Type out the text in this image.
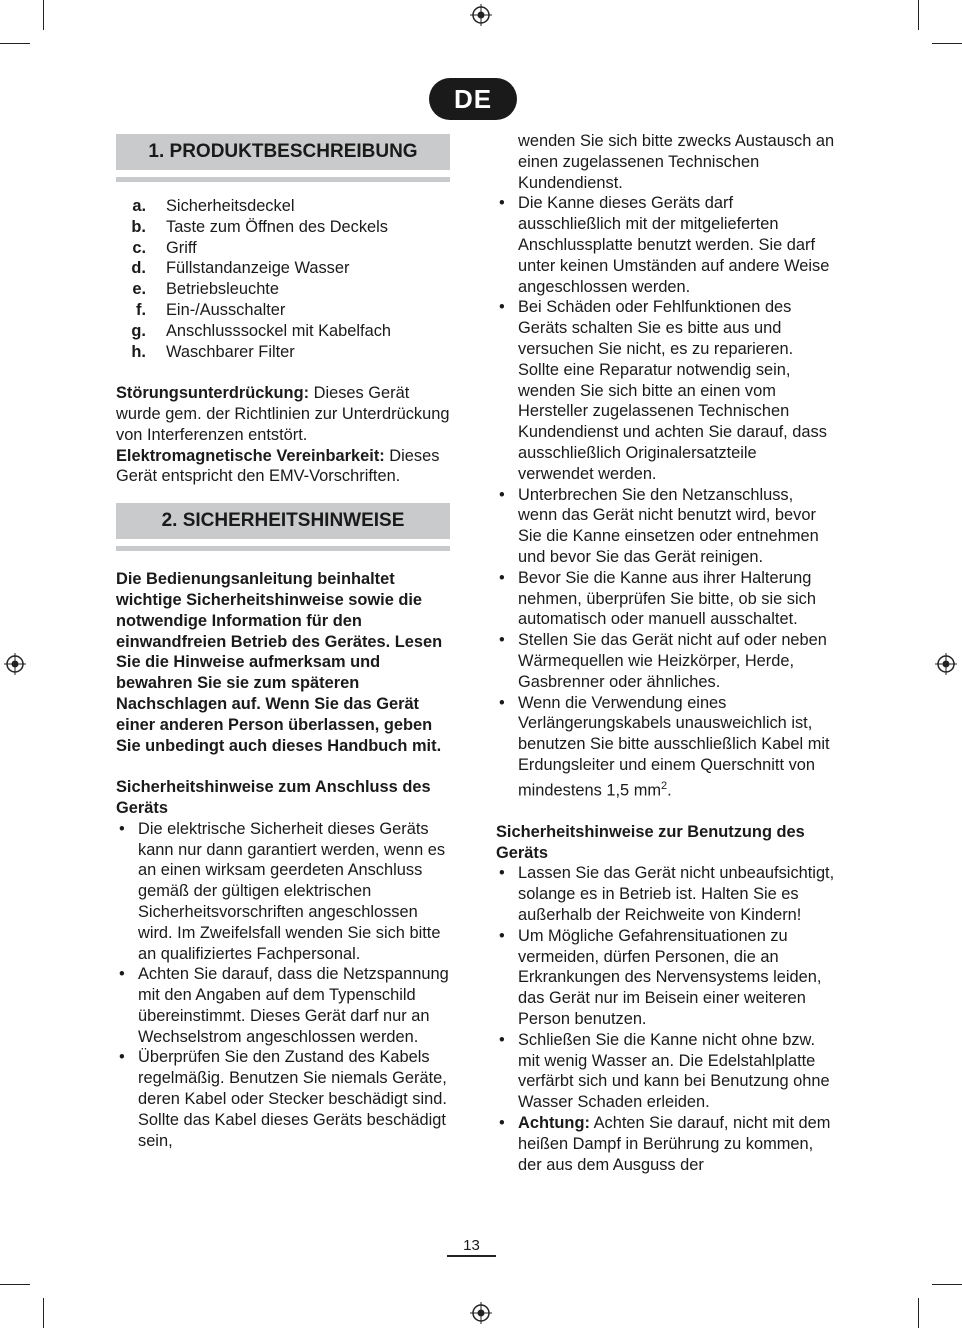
DE
1. PRODUKTBESCHREIBUNG
a.	Sicherheitsdeckel
b.	Taste zum Öffnen des Deckels
c.	Griff
d.	Füllstandanzeige Wasser
e.	Betriebsleuchte
f.	Ein-/Ausschalter
g.	Anschlusssockel mit Kabelfach
h.	Waschbarer Filter

Störungsunterdrückung: Dieses Gerät wurde gem. der Richtlinien zur Unterdrückung von Interferenzen entstört. Elektromagnetische Vereinbarkeit: Dieses Gerät entspricht den EMV-Vorschriften.

2. SICHERHEITSHINWEISE

Die Bedienungsanleitung beinhaltet wichtige Sicherheitshinweise sowie die notwendige Information für den einwandfreien Betrieb des Gerätes. Lesen Sie die Hinweise aufmerksam und bewahren Sie sie zum späteren Nachschlagen auf. Wenn Sie das Gerät einer anderen Person überlassen, geben Sie unbedingt auch dieses Handbuch mit.

Sicherheitshinweise zum Anschluss des Geräts

• Die elektrische Sicherheit dieses Geräts kann nur dann garantiert werden, wenn es an einen wirksam geerdeten Anschluss gemäß der gültigen elektrischen Sicherheitsvorschriften angeschlossen wird. Im Zweifelsfall wenden Sie sich bitte an qualifiziertes Fachpersonal.
• Achten Sie darauf, dass die Netzspannung mit den Angaben auf dem Typenschild übereinstimmt. Dieses Gerät darf nur an Wechselstrom angeschlossen werden.
• Überprüfen Sie den Zustand des Kabels regelmäßig. Benutzen Sie niemals Geräte, deren Kabel oder Stecker beschädigt sind. Sollte das Kabel dieses Geräts beschädigt sein,

wenden Sie sich bitte zwecks Austausch an einen zugelassenen Technischen Kundendienst.

• Die Kanne dieses Geräts darf ausschließlich mit der mitgelieferten Anschlussplatte benutzt werden. Sie darf unter keinen Umständen auf andere Weise angeschlossen werden.
• Bei Schäden oder Fehlfunktionen des Geräts schalten Sie es bitte aus und versuchen Sie nicht, es zu reparieren. Sollte eine Reparatur notwendig sein, wenden Sie sich bitte an einen vom Hersteller zugelassenen Technischen Kundendienst und achten Sie darauf, dass ausschließlich Originalersatzteile verwendet werden.
• Unterbrechen Sie den Netzanschluss, wenn das Gerät nicht benutzt wird, bevor Sie die Kanne einsetzen oder entnehmen und bevor Sie das Gerät reinigen.
• Bevor Sie die Kanne aus ihrer Halterung nehmen, überprüfen Sie bitte, ob sie sich automatisch oder manuell ausschaltet.
• Stellen Sie das Gerät nicht auf oder neben Wärmequellen wie Heizkörper, Herde, Gasbrenner oder ähnliches.
• Wenn die Verwendung eines Verlängerungskabels unausweichlich ist, benutzen Sie bitte ausschließlich Kabel mit Erdungsleiter und einem Querschnitt von mindestens 1,5 $mm^2$.

Sicherheitshinweise zur Benutzung des Geräts

• Lassen Sie das Gerät nicht unbeaufsichtigt, solange es in Betrieb ist. Halten Sie es außerhalb der Reichweite von Kindern!
• Um Mögliche Gefahrensituationen zu vermeiden, dürfen Personen, die an Erkrankungen des Nervensystems leiden, das Gerät nur im Beisein einer weiteren Person benutzen.
• Schließen Sie die Kanne nicht ohne bzw. mit wenig Wasser an. Die Edelstahlplatte verfärbt sich und kann bei Benutzung ohne Wasser Schaden erleiden.
• Achtung: Achten Sie darauf, nicht mit dem heißen Dampf in Berührung zu kommen, der aus dem Ausguss der
13
